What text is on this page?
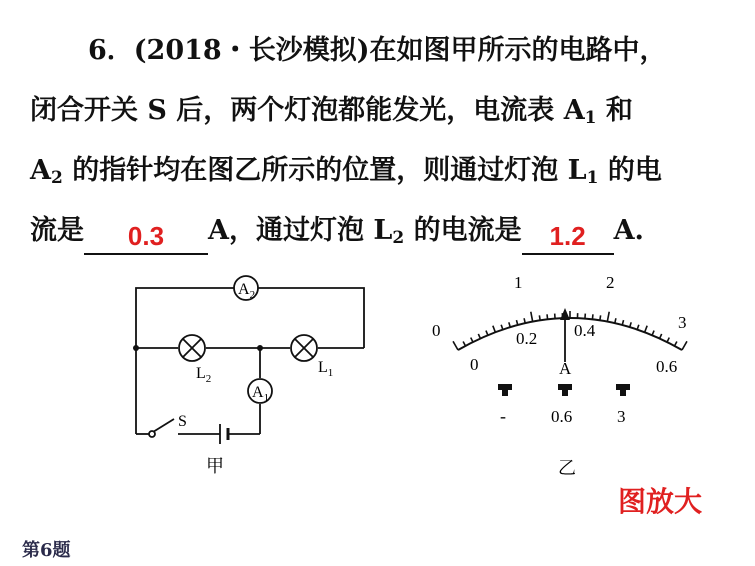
6．(2018・长沙模拟)在如图甲所示的电路中，
闭合开关 S 后，两个灯泡都能发光，电流表 $A_1$ 和
$A_2$ 的指针均在图乙所示的位置，则通过灯泡 $L_1$ 的电
流是 0.3 A，通过灯泡 $L_2$ 的电流是 1.2 A.
$A_2$
$A_1$
$L_2$
$L_1$
S
甲
0
1	2
3
0.2 0.4
0	0.6
A
-	0.6	3
乙
图放大
第6题
